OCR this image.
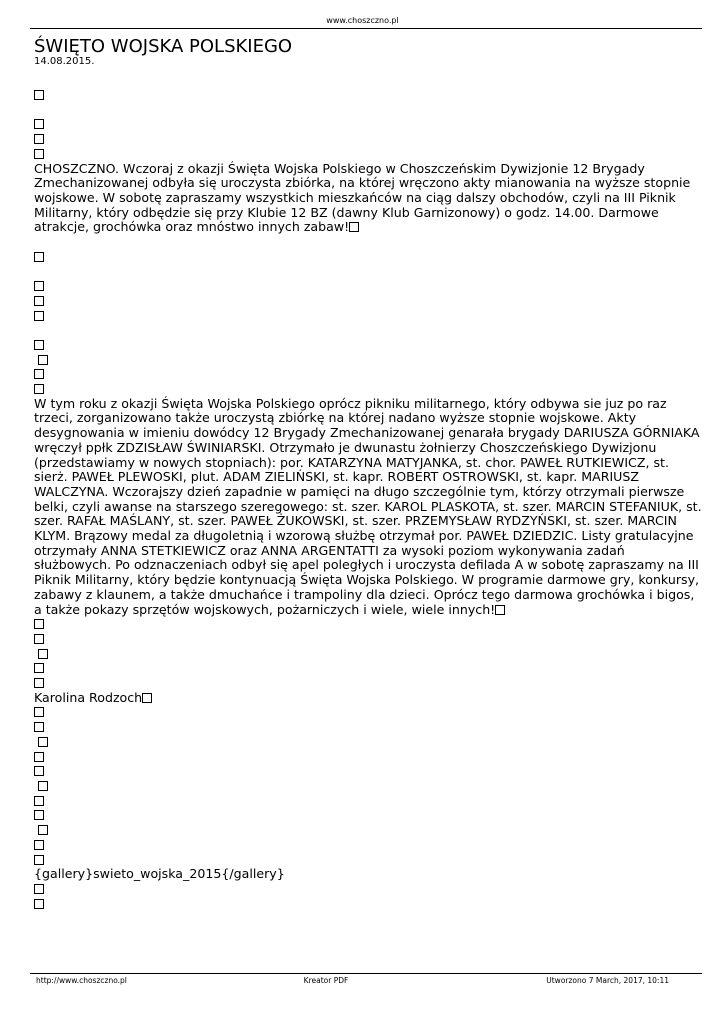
www.choszczno.pl
ŚWIĘTO WOJSKA POLSKIEGO
14.08.2015.

CHOSZCZNO. Wczoraj z okazji Święta Wojska Polskiego w Choszczeńskim Dywizjonie 12 Brygady Zmechanizowanej odbyła się uroczysta zbiórka, na której wręczono akty mianowania na wyższe stopnie wojskowe. W sobotę zapraszamy wszystkich mieszkańców na ciąg dalszy obchodów, czyli na III Piknik Militarny, który odbędzie się przy Klubie 12 BZ (dawny Klub Garnizonowy) o godz. 14.00. Darmowe atrakcje, grochówka oraz mnóstwo innych zabaw!

W tym roku z okazji Święta Wojska Polskiego oprócz pikniku militarnego, który odbywa sie juz po raz trzeci, zorganizowano także uroczystą zbiórkę na której nadano wyższe stopnie wojskowe. Akty desygnowania w imieniu dowódcy 12 Brygady Zmechanizowanej genarała brygady DARIUSZA GÓRNIAKA wręczył ppłk ZDZISŁAW ŚWINIARSKI. Otrzymało je dwunastu żołnierzy Choszczeńskiego Dywizjonu (przedstawiamy w nowych stopniach): por. KATARZYNA MATYJANKA, st. chor. PAWEŁ RUTKIEWICZ, st. sierż. PAWEŁ PLEWOSKI, plut. ADAM ZIELIŃSKI, st. kapr. ROBERT OSTROWSKI, st. kapr. MARIUSZ WALCZYNA. Wczorajszy dzień zapadnie w pamięci na długo szczególnie tym, którzy otrzymali pierwsze belki, czyli awanse na starszego szeregowego: st. szer. KAROL PLASKOTA, st. szer. MARCIN STEFANIUK, st. szer. RAFAŁ MAŚLANY, st. szer. PAWEŁ ŻUKOWSKI, st. szer. PRZEMYSŁAW RYDZYŃSKI, st. szer. MARCIN KLYM. Brązowy medal za długoletnią i wzorową służbę otrzymał por. PAWEŁ DZIEDZIC. Listy gratulacyjne otrzymały ANNA STETKIEWICZ oraz ANNA ARGENTATTI za wysoki poziom wykonywania zadań służbowych. Po odznaczeniach odbył się apel poległych i uroczysta defilada A w sobotę zapraszamy na III Piknik Militarny, który będzie kontynuacją Święta Wojska Polskiego. W programie darmowe gry, konkursy, zabawy z klaunem, a także dmuchańce i trampoliny dla dzieci. Oprócz tego darmowa grochówka i bigos, a także pokazy sprzętów wojskowych, pożarniczych i wiele, wiele innych!

Karolina Rodzoch
{gallery}swieto_wojska_2015{/gallery}
http://www.choszczno.pl	Kreator PDF	Utworzono 7 March, 2017, 10:11
